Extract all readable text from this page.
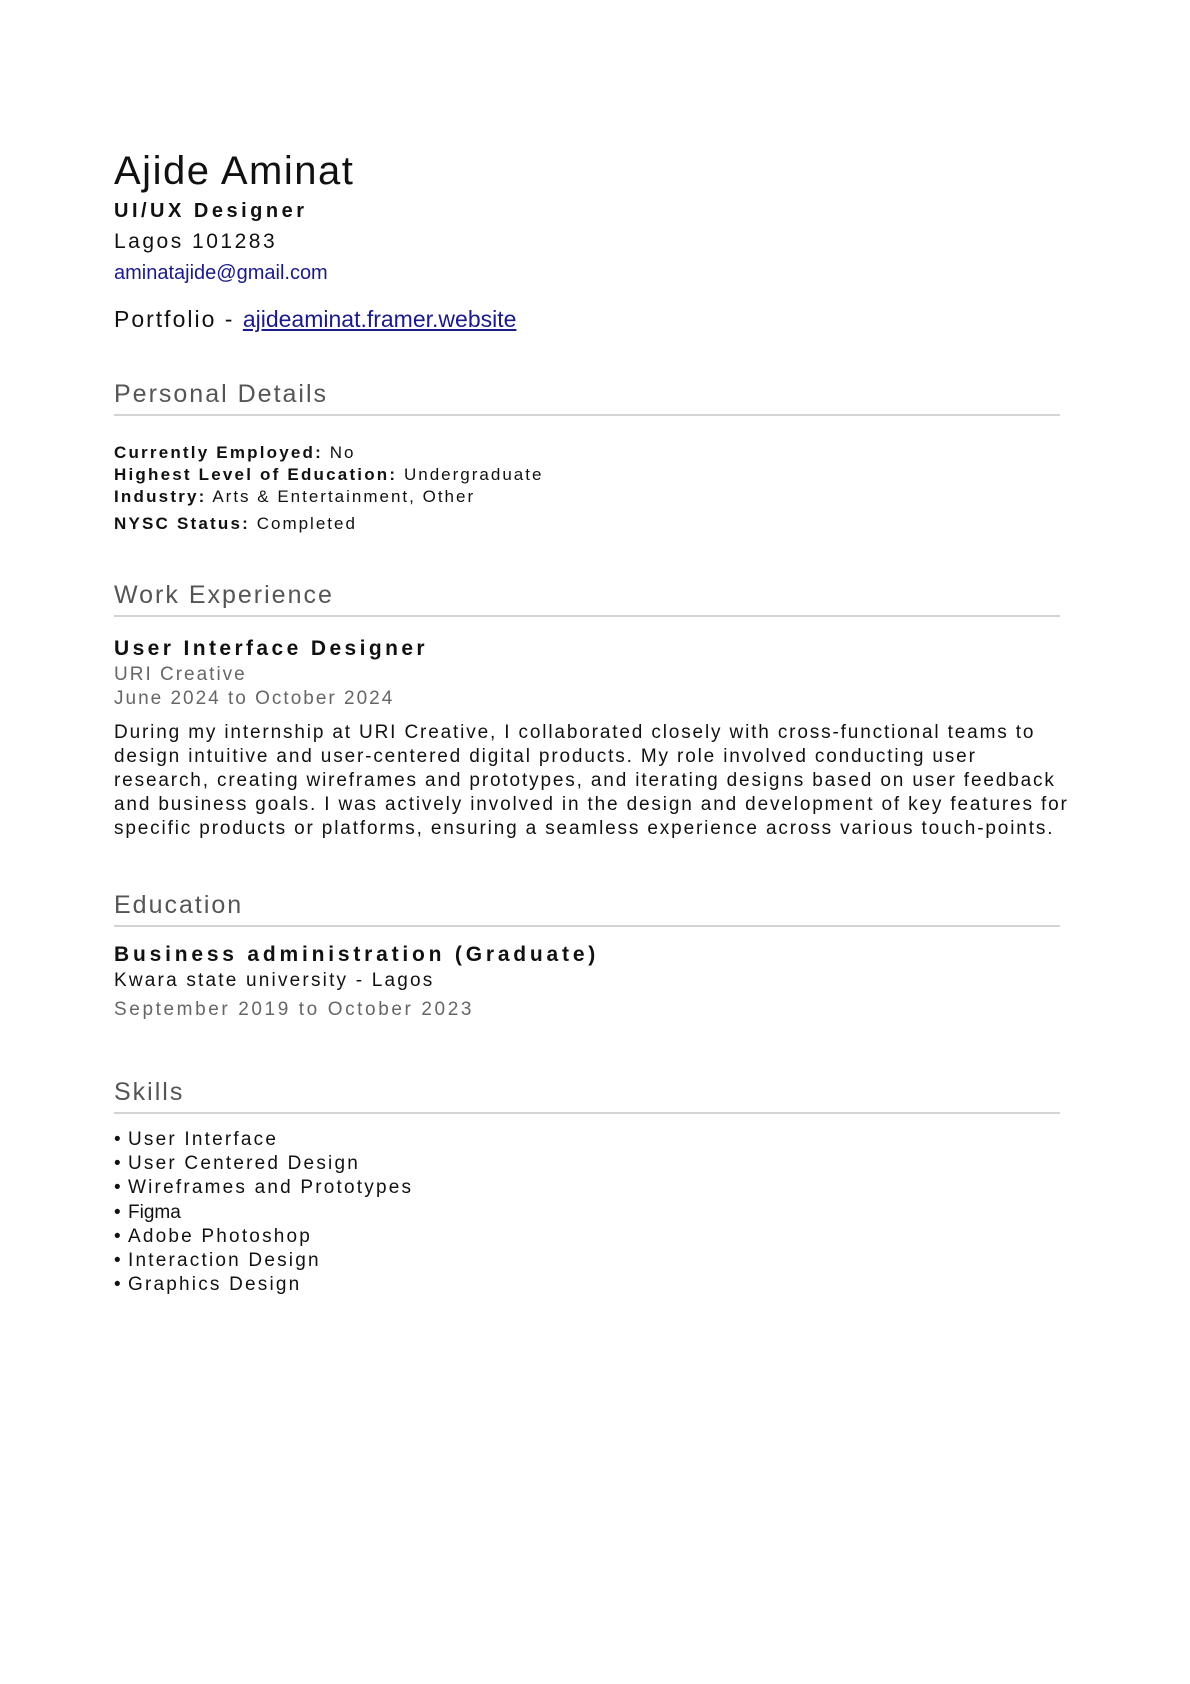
Ajide Aminat
UI/UX Designer
Lagos 101283
aminatajide@gmail.com
Portfolio - ajideaminat.framer.website
Personal Details
Currently Employed: No
Highest Level of Education: Undergraduate
Industry: Arts & Entertainment, Other
NYSC Status: Completed
Work Experience
User Interface Designer
URI Creative
June 2024 to October 2024
During my internship at URI Creative, I collaborated closely with cross-functional teams to design intuitive and user-centered digital products. My role involved conducting user research, creating wireframes and prototypes, and iterating designs based on user feedback and business goals. I was actively involved in the design and development of key features for specific products or platforms, ensuring a seamless experience across various touch-points.
Education
Business administration (Graduate)
Kwara state university - Lagos
September 2019 to October 2023
Skills
• User Interface
• User Centered Design
• Wireframes and Prototypes
• Figma
• Adobe Photoshop
• Interaction Design
• Graphics Design
